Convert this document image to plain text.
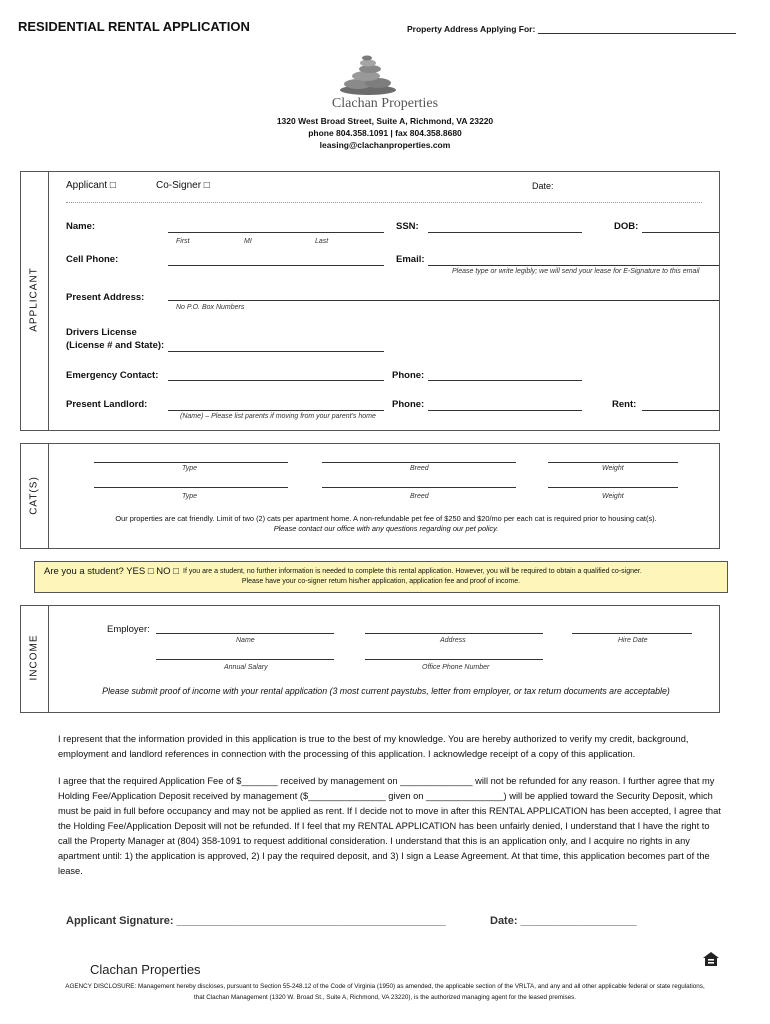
RESIDENTIAL RENTAL APPLICATION	Property Address Applying For:
Clachan Properties
1320 West Broad Street, Suite A, Richmond, VA 23220
phone 804.358.1091 | fax 804.358.8680
leasing@clachanproperties.com
APPLICANT
Applicant □	Co-Signer □	Date:
Name:	SSN:	DOB:
First	MI	Last
Cell Phone:	Email:
Please type or write legibly; we will send your lease for E-Signature to this email
Present Address:
No P.O. Box Numbers
Drivers License
(License # and State):
Emergency Contact:	Phone:
Present Landlord:	Phone:	Rent:
(Name) – Please list parents if moving from your parent's home
CAT(S)
Type	Breed	Weight
Type	Breed	Weight
Our properties are cat friendly. Limit of two (2) cats per apartment home. A non-refundable pet fee of $250 and $20/mo per each cat is required prior to housing cat(s).
Please contact our office with any questions regarding our pet policy.
Are you a student? YES □ NO □ If you are a student, no further information is needed to complete this rental application. However, you will be required to obtain a qualified co-signer.
Please have your co-signer return his/her application, application fee and proof of income.
INCOME
Employer:
Name	Address	Hire Date
Annual Salary	Office Phone Number
Please submit proof of income with your rental application (3 most current paystubs, letter from employer, or tax return documents are acceptable)
I represent that the information provided in this application is true to the best of my knowledge. You are hereby authorized to verify my credit, background, employment and landlord references in connection with the processing of this application. I acknowledge receipt of a copy of this application.
I agree that the required Application Fee of $_______ received by management on ______________ will not be refunded for any reason. I further agree that my Holding Fee/Application Deposit received by management ($_______________ given on _______________) will be applied toward the Security Deposit, which must be paid in full before occupancy and may not be applied as rent. If I decide not to move in after this RENTAL APPLICATION has been accepted, I agree that the Holding Fee/Application Deposit will not be refunded. If I feel that my RENTAL APPLICATION has been unfairly denied, I understand that I have the right to call the Property Manager at (804) 358-1091 to request additional consideration. I understand that this is an application only, and I acquire no rights in any apartment until: 1) the application is approved, 2) I pay the required deposit, and 3) I sign a Lease Agreement. At that time, this application becomes part of the lease.
Applicant Signature: ____________________________________________	Date: ___________________
Clachan Properties
AGENCY DISCLOSURE: Management hereby discloses, pursuant to Section 55-248.12 of the Code of Virginia (1950) as amended, the applicable section of the VRLTA, and any and all other applicable federal or state regulations,
that Clachan Management (1320 W. Broad St., Suite A, Richmond, VA 23220), is the authorized managing agent for the leased premises.
